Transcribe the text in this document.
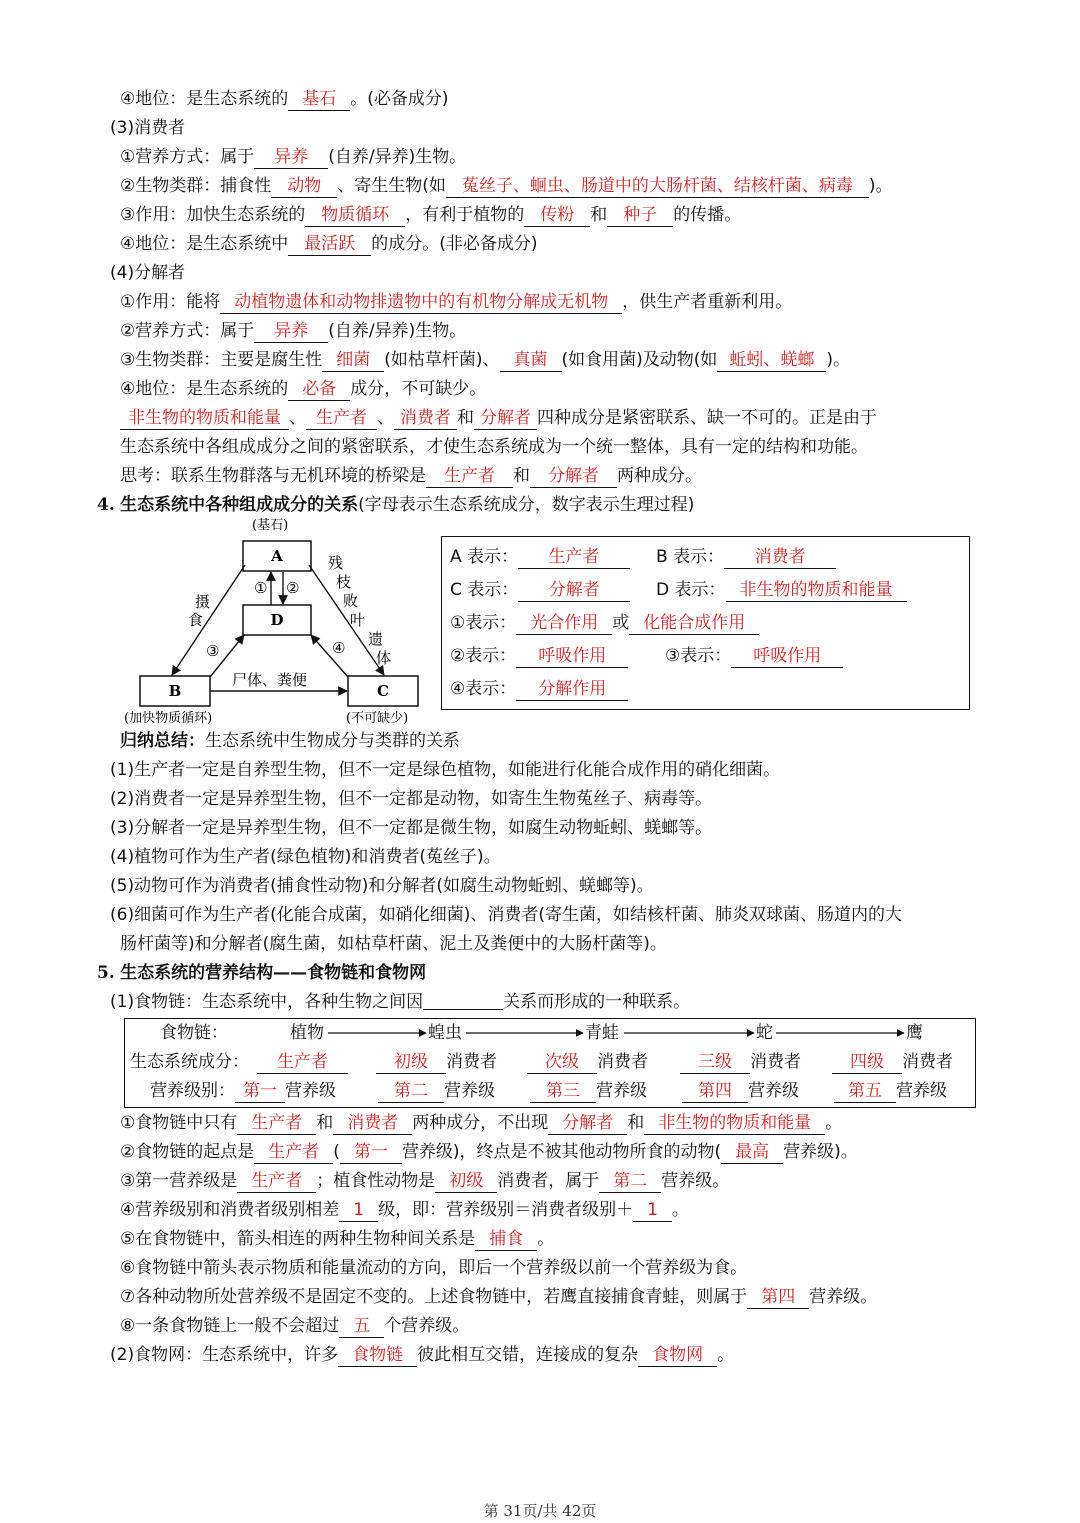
④地位：是生态系统的 基石 。(必备成分)
(3)消费者
①营养方式：属于 异养 (自养/异养)生物。
②生物类群：捕食性 动物 、寄生生物(如 菟丝子、蛔虫、肠道中的大肠杆菌、结核杆菌、病毒 )。
③作用：加快生态系统的 物质循环 ，有利于植物的 传粉 和 种子 的传播。
④地位：是生态系统中 最活跃 的成分。(非必备成分)
(4)分解者
①作用：能将 动植物遗体和动物排遗物中的有机物分解成无机物 ，供生产者重新利用。
②营养方式：属于 异养 (自养/异养)生物。
③生物类群：主要是腐生性 细菌 (如枯草杆菌)、 真菌 (如食用菌)及动物(如 蚯蚓、蜣螂 )。
④地位：是生态系统的 必备 成分，不可缺少。
非生物的物质和能量 、 生产者 、 消费者 和 分解者 四种成分是紧密联系、缺一不可的。正是由于
生态系统中各组成成分之间的紧密联系，才使生态系统成为一个统一整体，具有一定的结构和功能。
思考：联系生物群落与无机环境的桥梁是 生产者 和 分解者 两种成分。
4. 生态系统中各种组成成分的关系(字母表示生态系统成分，数字表示生理过程)
(基石)
A
D
B	C
(加快物质循环)	(不可缺少)
摄
食
残
枝
败
叶
遗
体
尸体、粪便
① ②
③	④
A 表示： 生产者	B 表示： 消费者
C 表示： 分解者	D 表示： 非生物的物质和能量
①表示： 光合作用 或 化能合成作用
②表示： 呼吸作用	③表示： 呼吸作用
④表示： 分解作用
归纳总结：生态系统中生物成分与类群的关系
(1)生产者一定是自养型生物，但不一定是绿色植物，如能进行化能合成作用的硝化细菌。
(2)消费者一定是异养型生物，但不一定都是动物，如寄生生物菟丝子、病毒等。
(3)分解者一定是异养型生物，但不一定都是微生物，如腐生动物蚯蚓、蜣螂等。
(4)植物可作为生产者(绿色植物)和消费者(菟丝子)。
(5)动物可作为消费者(捕食性动物)和分解者(如腐生动物蚯蚓、蜣螂等)。
(6)细菌可作为生产者(化能合成菌，如硝化细菌)、消费者(寄生菌，如结核杆菌、肺炎双球菌、肠道内的大
肠杆菌等)和分解者(腐生菌，如枯草杆菌、泥土及粪便中的大肠杆菌等)。
5. 生态系统的营养结构——食物链和食物网
(1)食物链：生态系统中，各种生物之间因	关系而形成的一种联系。
食物链：	植物	蝗虫	青蛙	蛇	鹰
生态系统成分： 生产者	初级 消费者	次级 消费者	三级 消费者	四级 消费者
营养级别： 第一 营养级	第二 营养级	第三 营养级	第四 营养级	第五 营养级
①食物链中只有 生产者 和 消费者 两种成分，不出现 分解者 和 非生物的物质和能量 。
②食物链的起点是 生产者 ( 第一 营养级)，终点是不被其他动物所食的动物( 最高 营养级)。
③第一营养级是 生产者 ；植食性动物是 初级 消费者，属于 第二 营养级。
④营养级别和消费者级别相差 1 级，即：营养级别＝消费者级别＋ 1 。
⑤在食物链中，箭头相连的两种生物种间关系是 捕食 。
⑥食物链中箭头表示物质和能量流动的方向，即后一个营养级以前一个营养级为食。
⑦各种动物所处营养级不是固定不变的。上述食物链中，若鹰直接捕食青蛙，则属于 第四 营养级。
⑧一条食物链上一般不会超过 五 个营养级。
(2)食物网：生态系统中，许多 食物链 彼此相互交错，连接成的复杂 食物网 。
第 31页/共 42页
